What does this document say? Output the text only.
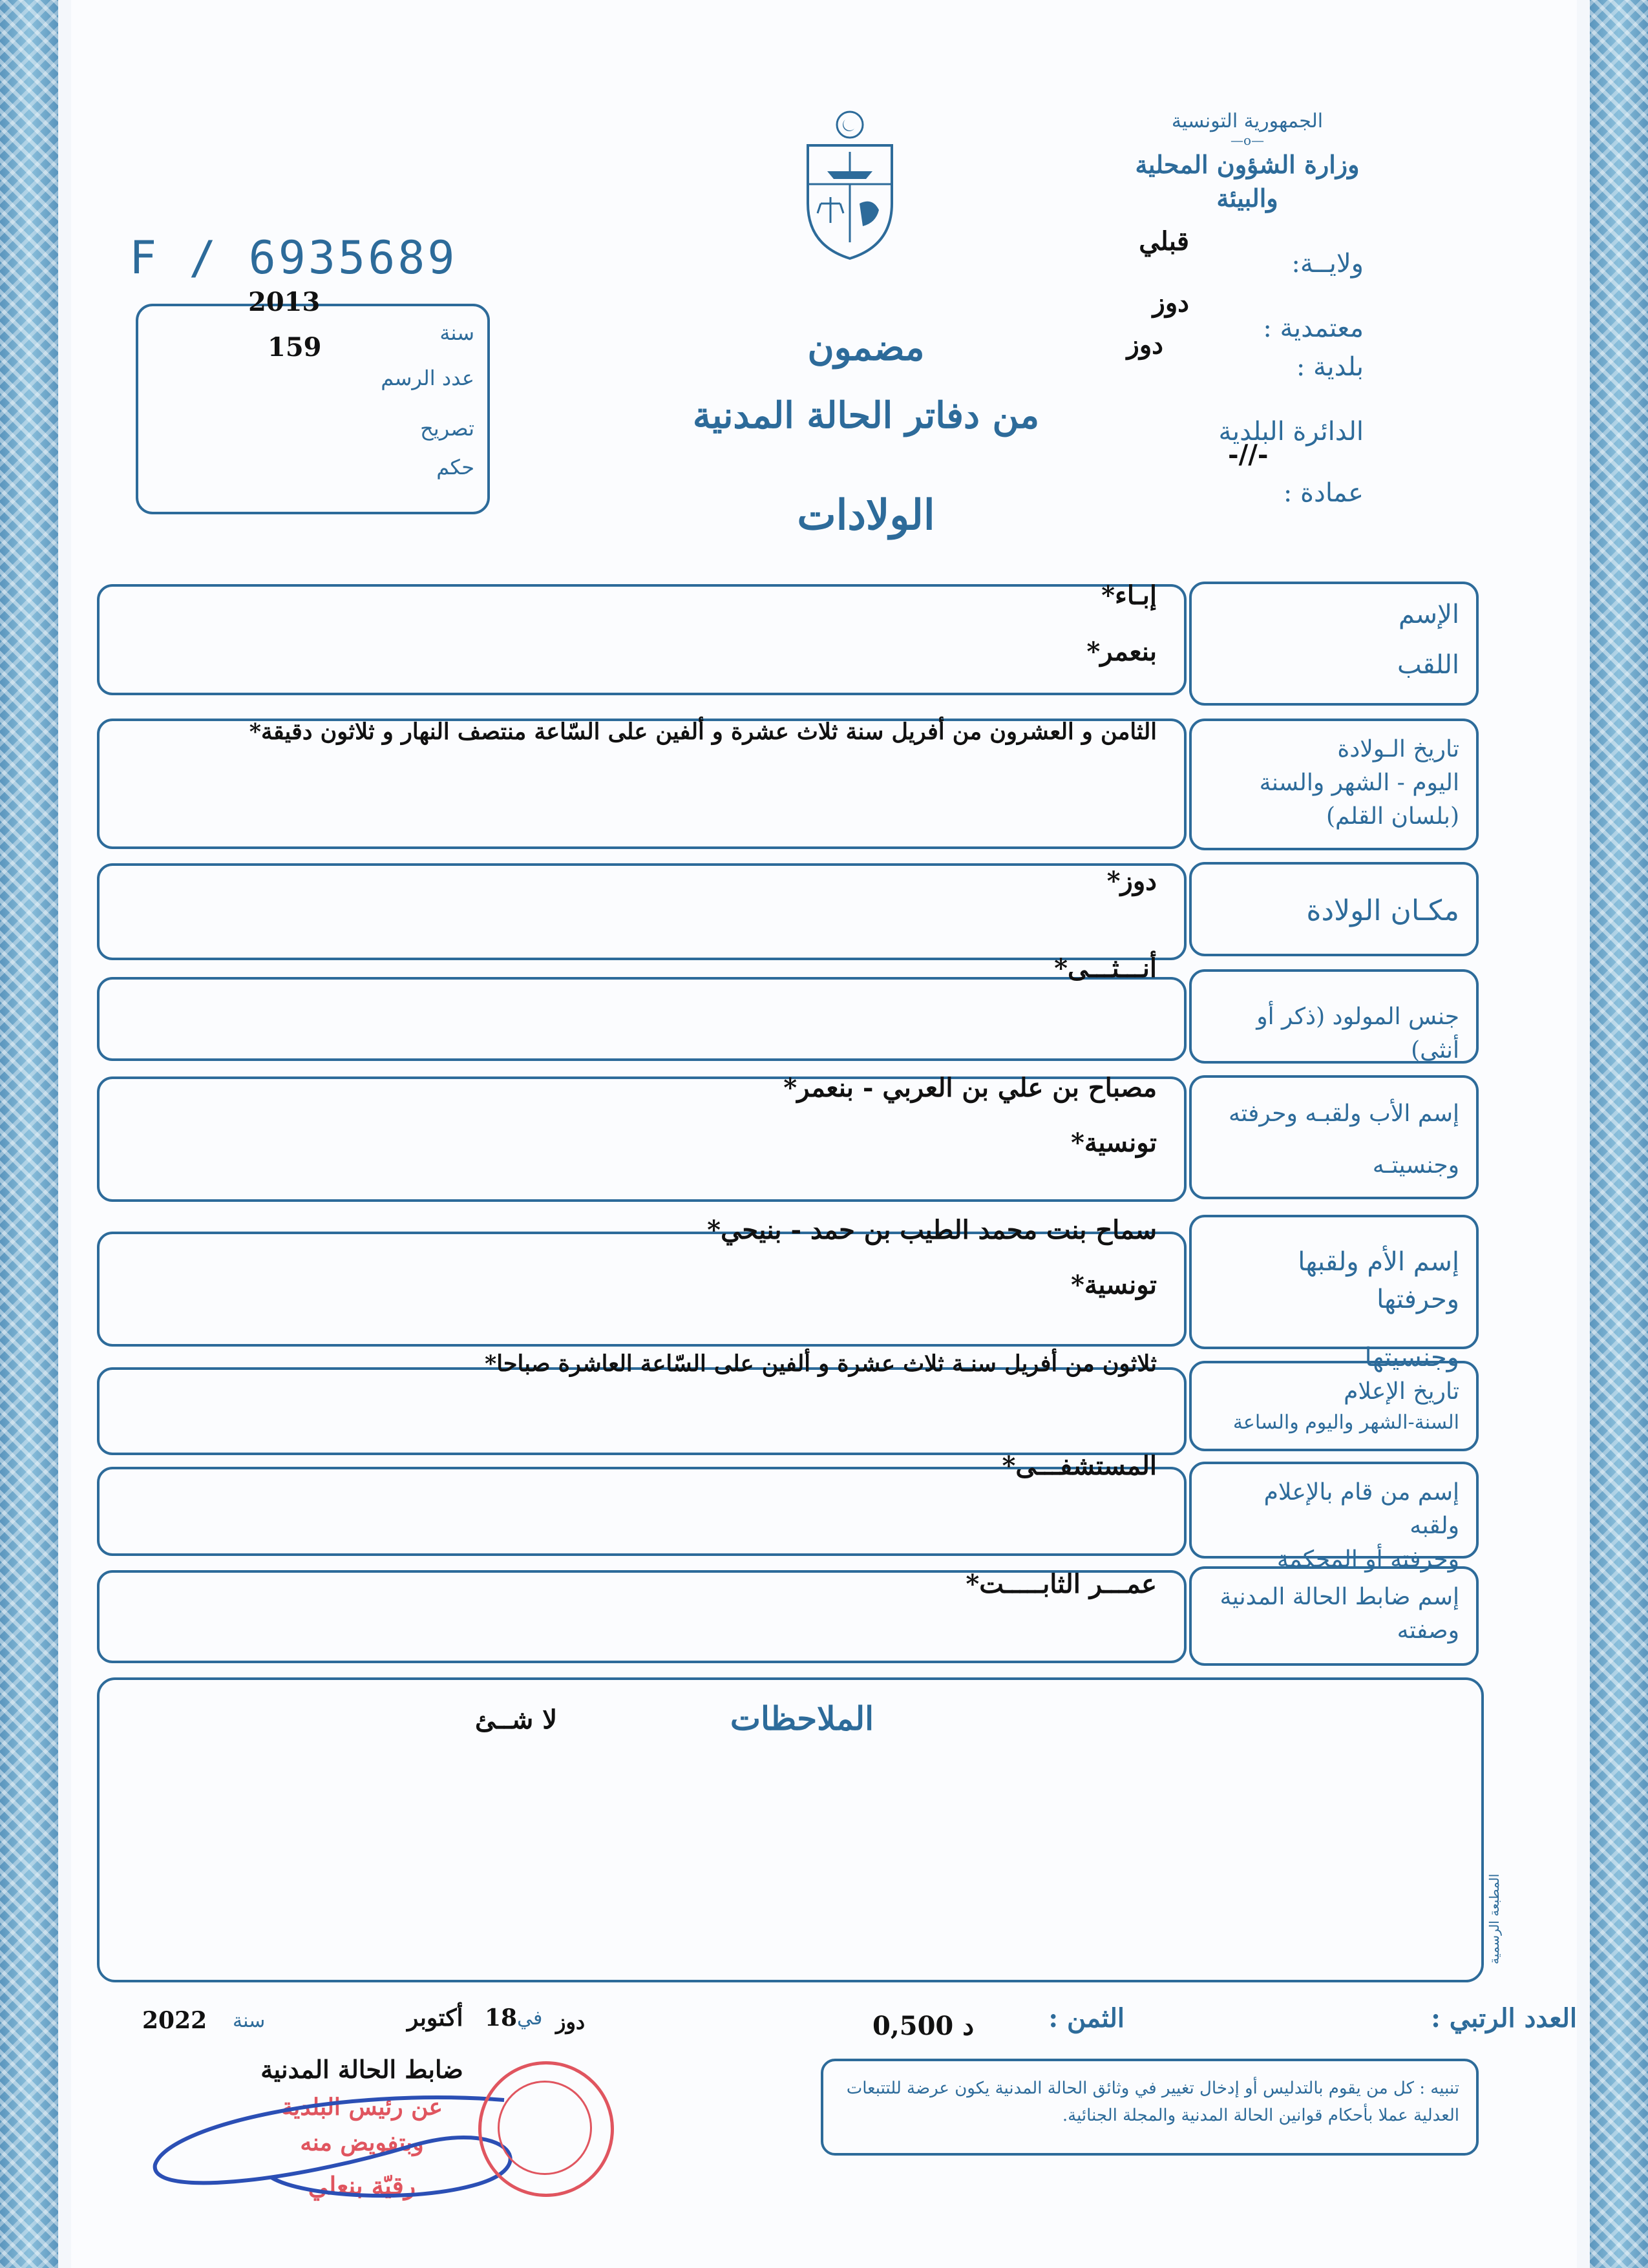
الجمهورية التونسية
—o—
وزارة الشؤون المحلية والبيئة
ولايــة:
قبلي
معتمدية :
دوز
بلدية :
دوز
الدائرة البلدية
-//-
عمادة :
F / 6935689
2013
سنة
159
عدد الرسم
تصريح
حكم
مضمون
من دفاتر الحالة المدنية
الولادات
الإسم
اللقب
تاريخ الـولادة
اليوم - الشهر والسنة
(بلسان القلم)
مكـان الولادة
جنس المولود (ذكر أو أنثى)
إسم الأب ولقبـه وحرفته
وجنسيتـه
إسم الأم ولقبها وحرفتها
وجنسيتها
تاريخ الإعلام
السنة-الشهر واليوم والساعة
إسم من قام بالإعلام ولقبه
وحرفته أو المحكمة
إسم ضابط الحالة المدنية
وصفته
إبـاء*
بنعمر*
الثامن و العشرون من أفريل سنة ثلاث عشرة و ألفين على السّاعة منتصف النهار و ثلاثون دقيقة*
دوز*
أنـــثـــى*
مصباح بن علي بن العربي - بنعمر*
تونسية*
سماح بنت محمد الطيب بن حمد - بنيحي*
تونسية*
ثلاثون من أفريل سنـة ثلاث عشرة و ألفين على السّاعة العاشرة صباحا*
المستشفـــى*
عمـــر الثابـــــت*
الملاحظات
لا شــئ
المطبعة الرسمية
العدد الرتبي :
الثمن :
0,500 د
2022 سنة	أكتوبر 18 في دوز
ضابط الحالة المدنية
عن رئيس البلدية
وبتفويض منه
رقيّة بنعلي
تنبيه : كل من يقوم بالتدليس أو إدخال تغيير في وثائق الحالة المدنية يكون عرضة للتتبعات العدلية عملا بأحكام قوانين الحالة المدنية والمجلة الجنائية.
